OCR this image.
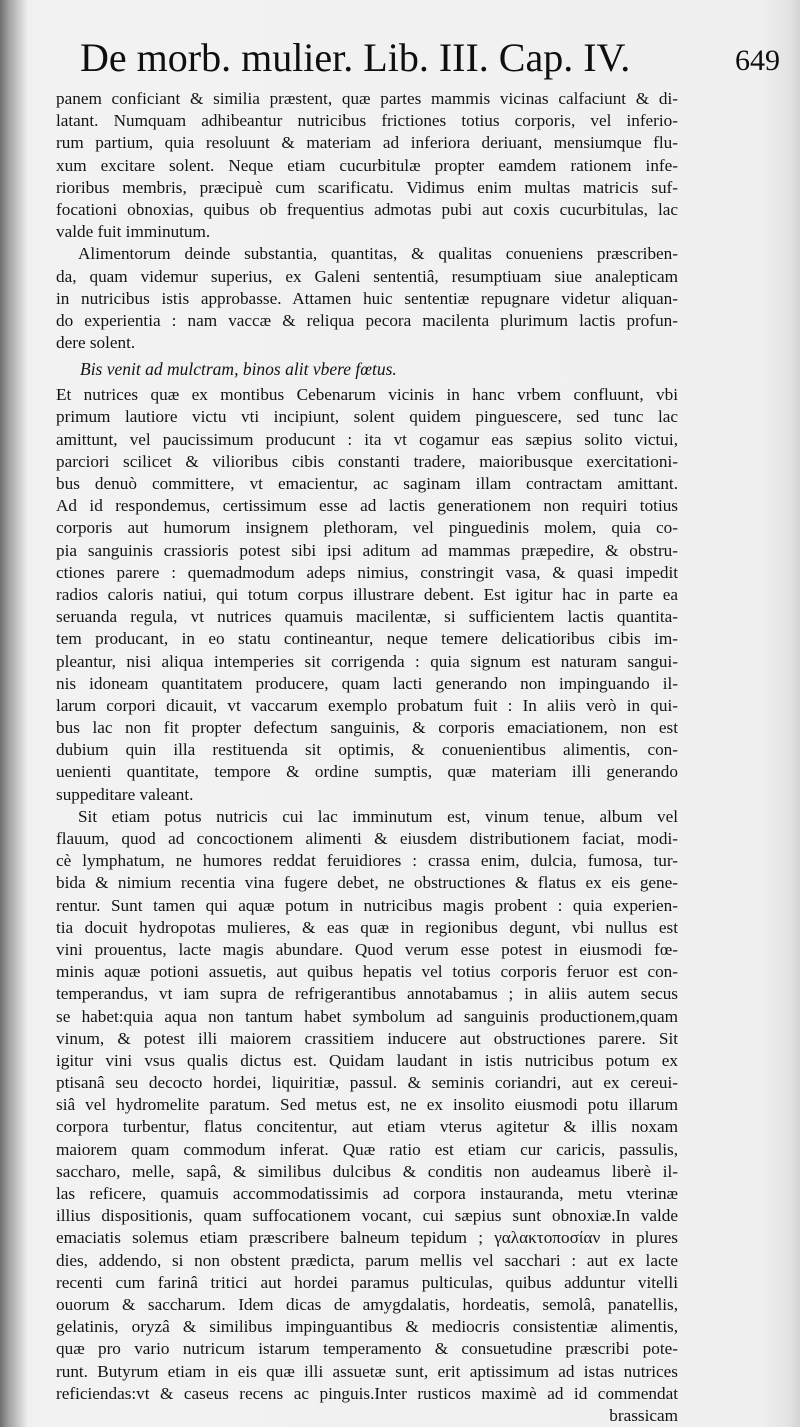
De morb. mulier. Lib. III. Cap. IV.	649
panem conficiant & similia præstent, quæ partes mammis vicinas calfaciunt & di-
latant. Numquam adhibeantur nutricibus frictiones totius corporis, vel inferio-
rum partium, quia resoluunt & materiam ad inferiora deriuant, mensiumque flu-
xum excitare solent. Neque etiam cucurbitulæ propter eamdem rationem infe-
rioribus membris, præcipuè cum scarificatu. Vidimus enim multas matricis suf-
focationi obnoxias, quibus ob frequentius admotas pubi aut coxis cucurbitulas, lac
valde fuit imminutum.
Alimentorum deinde substantia, quantitas, & qualitas conueniens præscriben-
da, quam videmur superius, ex Galeni sententiâ, resumptiuam siue analepticam
in nutricibus istis approbasse. Attamen huic sententiæ repugnare videtur aliquan-
do experientia : nam vaccæ & reliqua pecora macilenta plurimum lactis profun-
dere solent.
Bis venit ad mulctram, binos alit vbere fœtus.
Et nutrices quæ ex montibus Cebenarum vicinis in hanc vrbem confluunt, vbi
primum lautiore victu vti incipiunt, solent quidem pinguescere, sed tunc lac
amittunt, vel paucissimum producunt : ita vt cogamur eas sæpius solito victui,
parciori scilicet & vilioribus cibis constanti tradere, maioribusque exercitationi-
bus denuò committere, vt emacientur, ac saginam illam contractam amittant.
Ad id respondemus, certissimum esse ad lactis generationem non requiri totius
corporis aut humorum insignem plethoram, vel pinguedinis molem, quia co-
pia sanguinis crassioris potest sibi ipsi aditum ad mammas præpedire, & obstru-
ctiones parere : quemadmodum adeps nimius, constringit vasa, & quasi impedit
radios caloris natiui, qui totum corpus illustrare debent. Est igitur hac in parte ea
seruanda regula, vt nutrices quamuis macilentæ, si sufficientem lactis quantita-
tem producant, in eo statu contineantur, neque temere delicatioribus cibis im-
pleantur, nisi aliqua intemperies sit corrigenda : quia signum est naturam sangui-
nis idoneam quantitatem producere, quam lacti generando non impinguando il-
larum corpori dicauit, vt vaccarum exemplo probatum fuit : In aliis verò in qui-
bus lac non fit propter defectum sanguinis, & corporis emaciationem, non est
dubium quin illa restituenda sit optimis, & conuenientibus alimentis, con-
uenienti quantitate, tempore & ordine sumptis, quæ materiam illi generando
suppeditare valeant.
Sit etiam potus nutricis cui lac imminutum est, vinum tenue, album vel
flauum, quod ad concoctionem alimenti & eiusdem distributionem faciat, modi-
cè lymphatum, ne humores reddat feruidiores : crassa enim, dulcia, fumosa, tur-
bida & nimium recentia vina fugere debet, ne obstructiones & flatus ex eis gene-
rentur. Sunt tamen qui aquæ potum in nutricibus magis probent : quia experien-
tia docuit hydropotas mulieres, & eas quæ in regionibus degunt, vbi nullus est
vini prouentus, lacte magis abundare. Quod verum esse potest in eiusmodi fœ-
minis aquæ potioni assuetis, aut quibus hepatis vel totius corporis feruor est con-
temperandus, vt iam supra de refrigerantibus annotabamus ; in aliis autem secus
se habet:quia aqua non tantum habet symbolum ad sanguinis productionem,quam
vinum, & potest illi maiorem crassitiem inducere aut obstructiones parere. Sit
igitur vini vsus qualis dictus est. Quidam laudant in istis nutricibus potum ex
ptisanâ seu decocto hordei, liquiritiæ, passul. & seminis coriandri, aut ex cereui-
siâ vel hydromelite paratum. Sed metus est, ne ex insolito eiusmodi potu illarum
corpora turbentur, flatus concitentur, aut etiam vterus agitetur & illis noxam
maiorem quam commodum inferat. Quæ ratio est etiam cur caricis, passulis,
saccharo, melle, sapâ, & similibus dulcibus & conditis non audeamus liberè il-
las reficere, quamuis accommodatissimis ad corpora instauranda, metu vterinæ
illius dispositionis, quam suffocationem vocant, cui sæpius sunt obnoxiæ.In valde
emaciatis solemus etiam præscribere balneum tepidum ; γαλακτοποσίαν in plures
dies, addendo, si non obstent prædicta, parum mellis vel sacchari : aut ex lacte
recenti cum farinâ tritici aut hordei paramus pulticulas, quibus adduntur vitelli
ouorum & saccharum. Idem dicas de amygdalatis, hordeatis, semolâ, panatellis,
gelatinis, oryzâ & similibus impinguantibus & mediocris consistentiæ alimentis,
quæ pro vario nutricum istarum temperamento & consuetudine præscribi pote-
runt. Butyrum etiam in eis quæ illi assuetæ sunt, erit aptissimum ad istas nutrices
reficiendas:vt & caseus recens ac pinguis.Inter rusticos maximè ad id commendat
brassicam
